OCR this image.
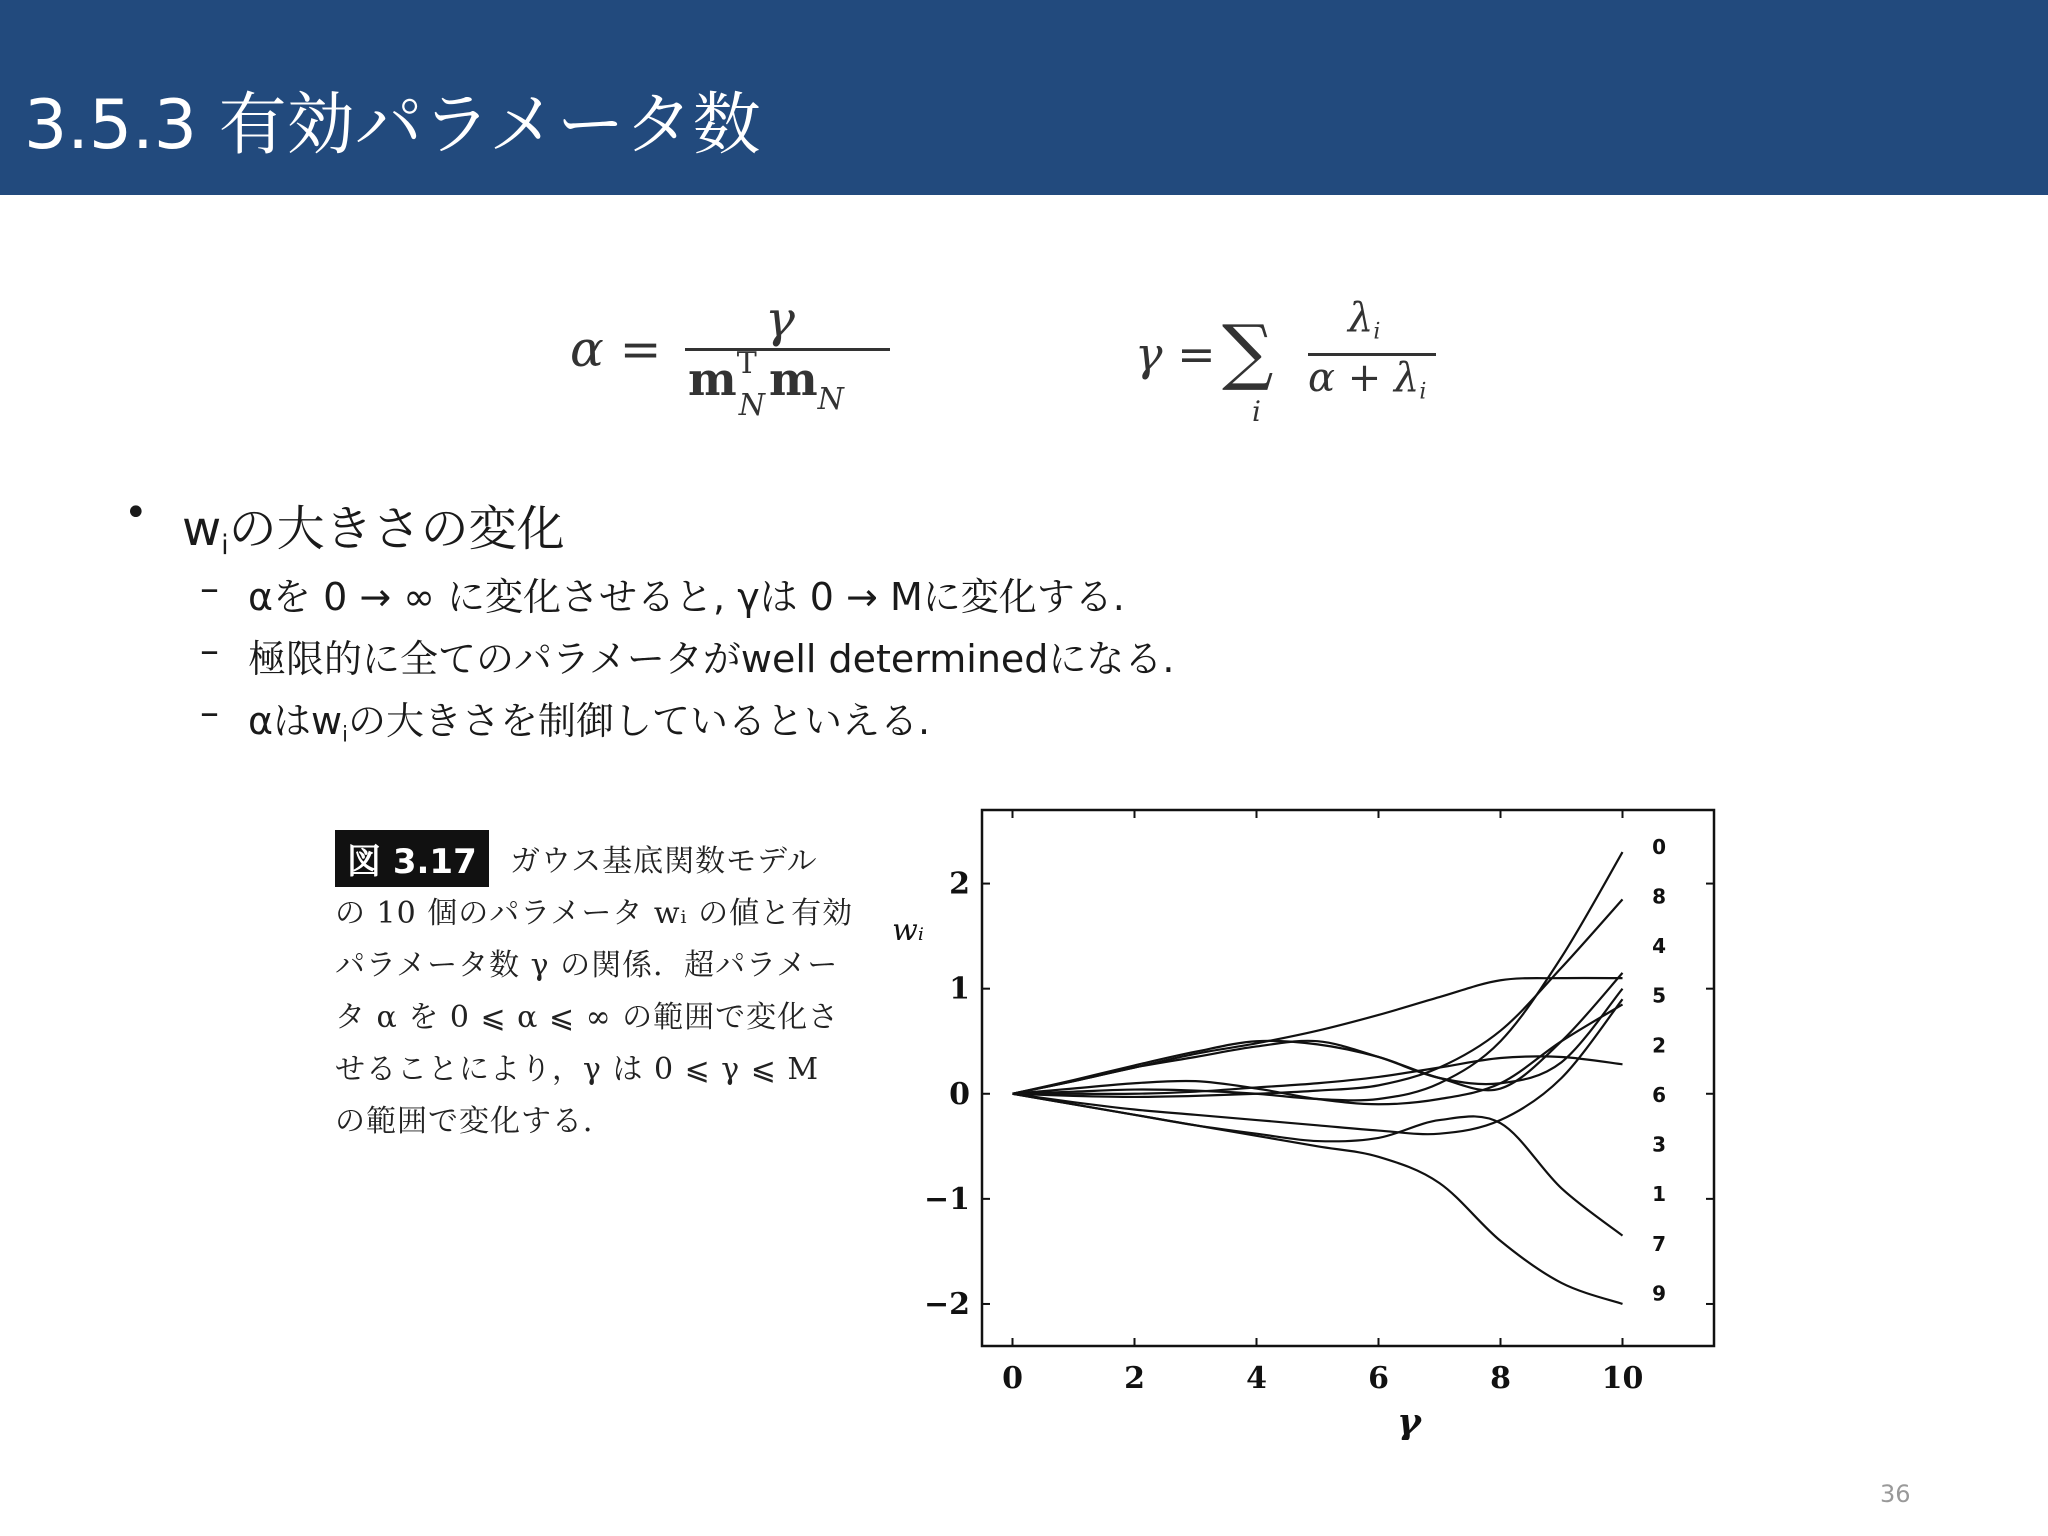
3.5.3 有効パラメータ数
α =
γ
$m^T_Nm_N$
γ = ∑
i
$\lambda_i$
$\alpha + \lambda_i$
• $w_i$の大きさの変化
– αを 0 → ∞ に変化させると, γは 0 → Mに変化する.
– 極限的に全てのパラメータがwell determinedになる.
– αは$w_i$の大きさを制御しているといえる.
図 3.17	ガウス基底関数モデル
の 10 個のパラメータ wᵢ の値と有効
パラメータ数 γ の関係．超パラメー
タ α を 0 ⩽ α ⩽ ∞ の範囲で変化さ
せることにより，γ は 0 ⩽ γ ⩽ M
の範囲で変化する．
0	2	4	6	8	10
2
1
0
−1
−2
γ
wᵢ
0
8
4
5
2
6
3
1
7
9
36
